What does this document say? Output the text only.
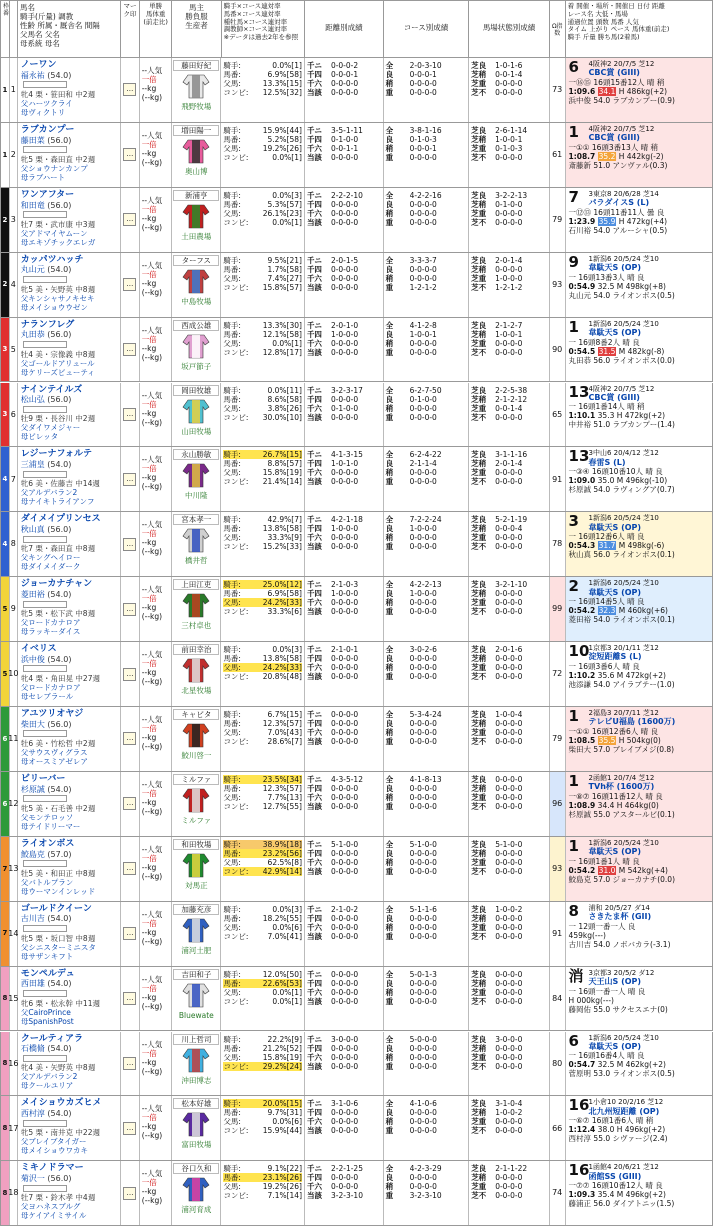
枠番
馬名
騎手(斤量) 調教
性齢 所属・厩舎名 間隔
父馬名 父名
母系統 母名
マーク印
単勝
馬体重
(前走比)
馬主
勝負服
生産者
騎手×コース連対率
馬番×コース連対率
種牡馬×コース連対率
調教師×コース連対率
※データは過去2年を参照
距離別成績	コース別成績	馬場状態別成績	Ω指数
着 開催・場所・開催日 日付 距離
レース名 大低・馬場
通過位置 頭数 馬番 人気
タイム 上がり ペース 馬体重(前走)
騎手 斤量 勝ち馬(2着馬)
1 1
ノーワン
福永祐 (54.0)
牝4 栗・笹田和 中2週
父ハーツクライ
母ヴィクトリ
…
--人気
一倍
--kg
(--kg)
藤田好紀
飛野牧場
騎手:	0.0%[1]
馬番:	6.9%[58]
父馬:	13.3%[15]
コンビ: 12.5%[32]
千ニ	0-0-0-2
千四	0-0-0-1
千六	0-0-0-0
当該	0-0-0-0
全	2-0-3-10
良	0-0-0-1
稍	0-0-0-0
重	0-0-0-0
芝良	1-0-1-6
芝稍	0-0-1-4
芝重	0-0-0-0
芝不	0-0-0-0	73
6	4阪神2 20/7/5 芝12
CBC賞 (GIII)
一⑯⑮ 16頭15番12人 晴 稍
1:09.6 34.1 H 486kg(+2)
浜中俊 54.0 ラブカンプー(0.9)
1 2
ラブカンプー
藤田菜 (56.0)
牝5 栗・森田直 中2週
父ショウナンカンプ
母ラブハート
…
--人気
一倍
--kg
(--kg)
増田陽一
奥山博
騎手:	15.9%[44]
馬番:	5.2%[58]
父馬:	19.2%[26]
コンビ:	0.0%[1]
千ニ	3-5-1-11
千四	0-1-0-0
千六	0-0-1-1
当該	0-0-0-0
全	3-8-1-16
良	0-1-0-3
稍	0-0-0-1
重	0-0-0-0
芝良	2-6-1-14
芝稍	1-0-0-1
芝重	0-1-0-3
芝不	0-0-0-0	61
1	4阪神2 20/7/5 芝12
CBC賞 (GIII)
一①① 16頭3番13人 晴 稍
1:08.7 35.2 H 442kg(-2)
斎藤新 51.0 アンヴァル(0.3)
2 3
ワンアフター
和田竜 (56.0)
牡7 栗・武市康 中3週
父アドマイヤムーン
母エキゾチックエレガ
…
--人気
一倍
--kg
(--kg)
新浦亨
土田農場
騎手:	0.0%[3]
馬番:	5.3%[57]
父馬:	26.1%[23]
コンビ:	0.0%[1]
千ニ	2-2-2-10
千四	0-0-0-0
千六	0-0-0-0
当該	0-0-0-0
全	4-2-2-16
良	0-0-0-0
稍	0-0-0-0
重	0-0-0-0
芝良	3-2-2-13
芝稍	0-1-0-0
芝重	0-0-0-0
芝不	0-0-0-0	79
7	3東京8 20/6/28 芝14
パラダイスS (L)
一⑫⑬ 16頭11番11人 曇 良
1:23.9 35.9 H 472kg(+4)
石川裕 54.0 アルーシャ(0.5)
2 4
カッパツハッチ
丸山元 (54.0)
牝5 美・矢野英 中8週
父キンシャサノキセキ
母メイショウウゼン
…
--人気
一倍
--kg
(--kg)
ターフス
中島牧場
騎手:	9.5%[21]
馬番:	1.7%[58]
父馬:	7.4%[27]
コンビ: 15.8%[57]
千ニ	2-0-1-5
千四	0-0-0-0
千六	0-0-0-0
当該	0-0-0-0
全	3-3-3-7
良	0-0-0-0
稍	0-0-0-0
重	1-2-1-2
芝良	2-0-1-4
芝稍	0-0-0-0
芝重	1-0-0-0
芝不	1-2-1-2	93
9	1新潟6 20/5/24 芝10
韋駄天S (OP)
一 16頭13番3人 晴 良
0:54.9 32.5 M 498kg(+8)
丸山元 54.0 ライオンボス(0.5)
3 5
ナランフレグ
丸田恭 (56.0)
牡4 美・宗像義 中8週
父ゴールドアリュール
母ケリーズビューティ
…
--人気
一倍
--kg
(--kg)
西成公雄
坂戸節子
騎手:	13.3%[30]
馬番:	12.1%[58]
父馬:	0.0%[1]
コンビ: 12.8%[17]
千ニ	2-0-1-0
千四	1-0-0-0
千六	0-0-0-0
当該	0-0-0-0
全	4-1-2-8
良	1-0-0-1
稍	0-0-0-0
重	0-0-0-0
芝良	2-1-2-7
芝稍	1-0-0-1
芝重	0-0-0-0
芝不	0-0-0-0	90
1	1新潟6 20/5/24 芝10
韋駄天S (OP)
一 16頭8番2人 晴 良
0:54.5 31.5 M 482kg(-8)
丸田恭 56.0 ライオンボス(0.0)
3 6
ナインテイルズ
松山弘 (56.0)
牡9 栗・長谷川 中2週
父ダイワメジャー
母ビレッタ
…
--人気
一倍
--kg
(--kg)
岡田牧雄
山田牧場
騎手:	0.0%[11]
馬番:	8.6%[58]
父馬:	3.8%[26]
コンビ: 30.0%[10]
千ニ	3-2-3-17
千四	0-0-0-0
千六	0-1-0-0
当該	0-0-0-0
全	6-2-7-50
良	0-1-0-0
稍	0-0-0-0
重	0-0-0-0
芝良	2-2-5-38
芝稍	2-1-2-12
芝重	0-0-1-4
芝不	0-0-0-0	65
13 4阪神2 20/7/5 芝12
CBC賞 (GIII)
一 16頭1番14人 晴 稍
1:10.1 35.3 H 472kg(+2)
中井裕 51.0 ラブカンプー(1.4)
4 7
レジーナフォルテ
三浦皇 (54.0)
牝6 美・佐藤吉 中14週
父アルデバラン2
母ナイキトライアンフ
…
--人気
一倍
--kg
(--kg)
永山勝敏
中川隆
騎手:	26.7%[15]
馬番:	8.8%[57]
父馬:	15.8%[19]
コンビ: 21.4%[14]
千ニ	4-1-3-15
千四	1-0-1-0
千六	0-0-0-0
当該	0-0-0-0
全	6-2-4-22
良	2-1-1-4
稍	0-0-0-0
重	0-0-0-0
芝良	3-1-1-16
芝稍	2-0-1-4
芝重	0-0-0-0
芝不	0-0-0-0	91
13 3中山6 20/4/12 芝12
春雷S (L)
一③④ 16頭10番10人 晴 良
1:09.0 35.0 M 496kg(-10)
杉原誠 54.0 ラヴィングア(0.7)
4 8
ダイメイプリンセス
秋山真 (56.0)
牝7 栗・森田直 中8週
父キングヘイロー
母ダイメイダーク
…
--人気
一倍
--kg
(--kg)
宮本孝一
橋井哲
騎手:	42.9%[7]
馬番:	13.8%[58]
父馬:	33.3%[9]
コンビ: 15.2%[33]
千ニ	4-2-1-18
千四	1-0-0-0
千六	0-0-0-0
当該	0-0-0-0
全	7-2-2-24
良	1-0-0-0
稍	0-0-0-0
重	0-0-0-0
芝良	5-2-1-19
芝稍	0-0-0-4
芝重	0-0-0-0
芝不	0-0-0-0	78
3	1新潟6 20/5/24 芝10
韋駄天S (OP)
一 16頭12番6人 晴 良
0:54.3 31.7 M 498kg(-6)
秋山真 56.0 ライオンボス(0.1)
5 9
ジョーカナチャン
菱田裕 (54.0)
牝5 栗・松下武 中8週
父ロードカナロア
母ラッキーダイス
…
--人気
一倍
--kg
(--kg)
上田江吏
三村卓也
騎手:	25.0%[12]
馬番:	6.9%[58]
父馬:	24.2%[33]
コンビ:	33.3%[6]
千ニ	2-1-0-3
千四	1-0-0-0
千六	0-0-0-0
当該	0-0-0-0
全	4-2-2-13
良	1-0-0-0
稍	0-0-0-0
重	0-0-0-0
芝良	3-2-1-10
芝稍	0-0-0-0
芝重	0-0-0-0
芝不	0-0-0-0	99
2	1新潟6 20/5/24 芝10
韋駄天S (OP)
一 16頭14番5人 晴 良
0:54.2 32.3 M 460kg(+6)
菱田裕 54.0 ライオンボス(0.1)
5 10
イベリス
浜中俊 (54.0)
牝4 栗・角田晃 中27週
父ロードカナロア
母セレブラール
…
--人気
一倍
--kg
(--kg)
前田幸治
北星牧場
騎手:	0.0%[3]
馬番:	13.8%[58]
父馬:	24.2%[33]
コンビ: 20.8%[48]
千ニ	2-1-0-1
千四	0-0-0-0
千六	0-0-0-0
当該	0-0-0-0
全	3-0-2-6
良	0-0-0-0
稍	0-0-0-0
重	0-0-0-0
芝良	2-0-1-6
芝稍	0-0-0-0
芝重	0-0-0-0
芝不	0-0-0-0	72
10 1京都3 20/1/11 芝12
淀短距離S (L)
一 16頭3番6人 晴 良
1:10.2 35.6 M 472kg(+2)
池添謙 54.0 アイラブテー(1.0)
6 11
アユツリオヤジ
柴田大 (56.0)
牡6 美・竹松哲 中2週
父サウスヴィグラス
母オースミアゼレア
…
--人気
一倍
--kg
(--kg)
キャビタ
鮫川啓一
騎手:	6.7%[15]
馬番:	12.3%[57]
父馬:	7.0%[43]
コンビ:	28.6%[7]
千ニ	0-0-0-0
千四	0-0-0-0
千六	0-0-0-0
当該	0-0-0-0
全	5-3-4-24
良	0-0-0-0
稍	0-0-0-0
重	0-0-0-0
芝良	1-0-0-4
芝稍	0-0-0-0
芝重	0-0-0-0
芝不	0-0-0-0	79
1	2福島3 20/7/11 芝12
テレビU福島 (1600万)
一①① 16頭12番6人 晴 良
1:08.5 35.5 H 504kg(0)
柴田大 57.0 ブレイブメジ(0.8)
6 12
ビリーバー
杉原誠 (54.0)
牝5 美・石毛善 中2週
父モンテロッソ
母テイドリーマー
…
--人気
一倍
--kg
(--kg)
ミルファ
ミルファ
騎手:	23.5%[34]
馬番:	12.3%[57]
父馬:	7.7%[13]
コンビ: 12.7%[55]
千ニ	4-3-5-12
千四	0-0-0-0
千六	0-0-0-0
当該	0-0-0-0
全	4-1-8-13
良	0-0-0-0
稍	0-0-0-0
重	0-0-0-0
芝良	0-0-0-0
芝稍	0-0-0-0
芝重	0-0-0-0
芝不	0-0-0-0	96
1	2函館1 20/7/4 芝12
TVh杯 (1600万)
一⑧⑦ 16頭11番12人 晴 良
1:08.9 34.4 H 464kg(0)
杉原誠 55.0 アスタールビ(0.1)
7 13
ライオンボス
鮫島克 (57.0)
牡5 美・和田正 中8週
父バトルプラン
母ウーマンインレッド
…
--人気
一倍
--kg
(--kg)
和田牧場
対馬正
騎手:	38.9%[18]
馬番:	23.2%[56]
父馬:	62.5%[8]
コンビ: 42.9%[14]
千ニ	5-1-0-0
千四	0-0-0-0
千六	0-0-0-0
当該	0-0-0-0
全	5-1-0-0
良	0-0-0-0
稍	0-0-0-0
重	0-0-0-0
芝良	5-1-0-0
芝稍	0-0-0-0
芝重	0-0-0-0
芝不	0-0-0-0	93
1	1新潟6 20/5/24 芝10
韋駄天S (OP)
一 16頭1番1人 晴 良
0:54.2 31.0 M 542kg(+4)
鮫島克 57.0 ジョーカナチ(0.0)
7 14
ゴールドクイーン
古川吉 (54.0)
牝5 栗・坂口智 中8週
父シニスターミニスタ
母サザンキフト
…
--人気
一倍
--kg
(--kg)
加藤充彦
浦河土肥
騎手:	0.0%[3]
馬番:	18.2%[55]
父馬:	0.0%[6]
コンビ:	7.0%[41]
千ニ	2-1-0-2
千四	0-0-0-0
千六	0-0-0-0
当該	0-0-0-0
全	5-1-1-6
良	0-0-0-0
稍	0-0-0-0
重	0-0-0-0
芝良	1-0-0-2
芝稍	0-0-0-0
芝重	0-0-0-0
芝不	0-0-0-0	91
8	浦和 20/5/27 ダ14
さきたま杯 (GII)
一 12頭一番一人 良
459kg(---)
古川吉 54.0 ノボバカラ(-3.1)
8 15
モンペルデュ
西田雄 (54.0)
牝6 栗・松永幹 中11週
父CairoPrince
母SpanishPost
…
--人気
一倍
--kg
(--kg)
吉田和子
Bluewate
騎手:	12.0%[50]
馬番:	22.6%[53]
父馬:	0.0%[1]
コンビ:	0.0%[1]
千ニ	0-0-0-0
千四	0-0-0-0
千六	0-0-0-0
当該	0-0-0-0
全	5-0-1-3
良	0-0-0-0
稍	0-0-0-0
重	0-0-0-0
芝良	0-0-0-0
芝稍	0-0-0-0
芝重	0-0-0-0
芝不	0-0-0-0	84
消 3京都3 20/5/2 ダ12
天王山S (OP)
一 16頭一番一人 晴 良
H 000kg(---)
藤岡佑 55.0 サクセスエナ(0)
8 16
クールティアラ
石橋脩 (54.0)
牝4 美・矢野英 中8週
父アルデバラン2
母クールユリア
…
--人気
一倍
--kg
(--kg)
川上哲司
沖田博志
騎手:	22.2%[9]
馬番:	21.2%[52]
父馬:	15.8%[19]
コンビ: 29.2%[24]
千ニ	3-0-0-0
千四	0-0-0-0
千六	0-0-0-0
当該	0-0-0-0
全	5-0-0-0
良	0-0-0-0
稍	0-0-0-0
重	0-0-0-0
芝良	3-0-0-0
芝稍	0-0-0-0
芝重	0-0-0-0
芝不	0-0-0-0	80
6	1新潟6 20/5/24 芝10
韋駄天S (OP)
一 16頭16番4人 晴 良
0:54.7 32.5 M 462kg(+2)
菅原明 53.0 ライオンボス(0.5)
8 17
メイショウカズヒメ
西村淳 (54.0)
牝5 栗・南井克 中22週
父ブレイブタイガー
母メイショウワカキ
…
--人気
一倍
--kg
(--kg)
松本好雄
富田牧場
騎手:	20.0%[15]
馬番:	9.7%[31]
父馬:	0.0%[6]
コンビ: 15.9%[44]
千ニ	3-1-0-6
千四	0-0-0-0
千六	0-0-0-0
当該	0-0-0-0
全	4-1-0-6
良	0-0-0-0
稍	0-0-0-0
重	0-0-0-0
芝良	3-1-0-4
芝稍	1-0-0-2
芝重	0-0-0-0
芝不	0-0-0-0	66
16 1小倉10 20/2/16 芝12
北九州短距離 (OP)
一⑥⑦ 16頭1番6人 晴 稍
1:12.4 38.0 H 496kg(+2)
西村淳 55.0 シヴァージ(2.4)
8 18
ミキノドラマー
菊沢一 (56.0)
牡7 栗・鈴木孝 中4週
父ヨハネスブルグ
母ケイアイミサイル
…
--人気
一倍
--kg
(--kg)
谷口久和
浦河育成
騎手:	9.1%[22]
馬番:	23.1%[26]
父馬:	19.2%[26]
コンビ:	7.1%[14]
千ニ	2-2-1-25
千四	0-0-0-0
千六	0-0-0-0
当該	3-2-3-10
全	4-2-3-29
良	0-0-0-0
稍	0-0-0-0
重	3-2-3-10
芝良	2-1-1-22
芝稍	0-0-0-0
芝重	0-0-0-0
芝不	0-0-0-0	74
16 1函館4 20/6/21 芝12
函館SS (GIII)
一⑦⑦ 16頭10番12人 晴 良
1:09.3 35.4 M 496kg(+2)
藤浦正 56.0 ダイアトニッ(1.5)
